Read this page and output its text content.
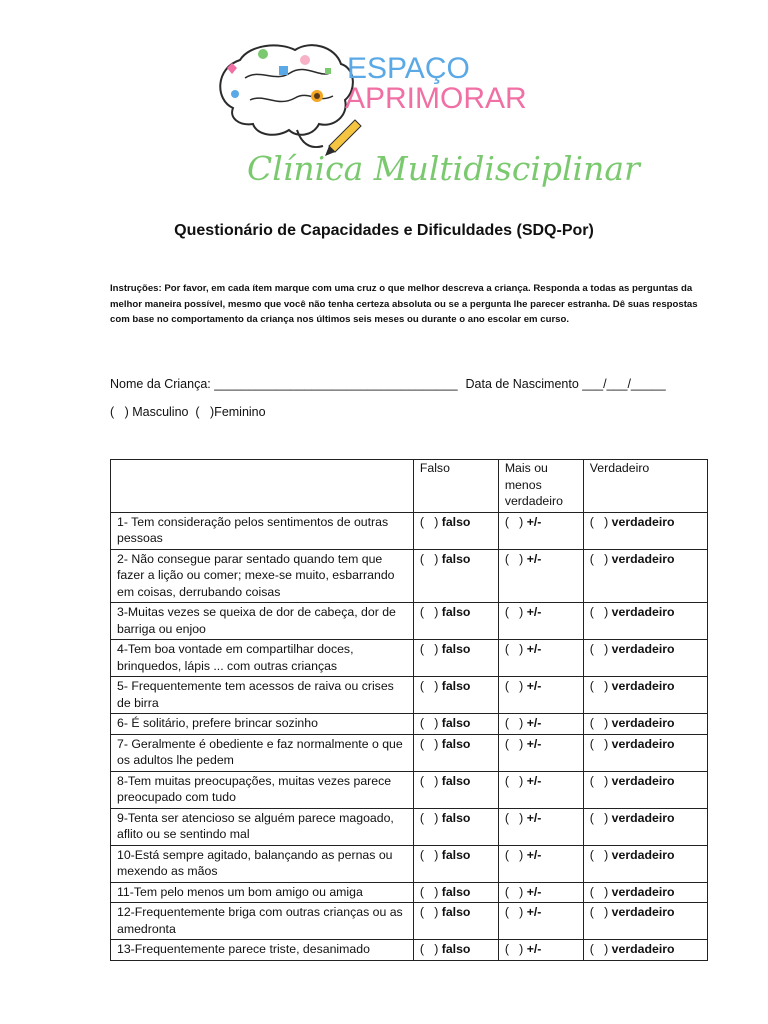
ESPAÇO
APRIMORAR
Clínica Multidisciplinar
Questionário de Capacidades e Dificuldades (SDQ-Por)
Instruções: Por favor, em cada ítem marque com uma cruz o que melhor descreva a criança. Responda a todas as perguntas da melhor maneira possível, mesmo que você não tenha certeza absoluta ou se a pergunta lhe parecer estranha. Dê suas respostas com base no comportamento da criança nos últimos seis meses ou durante o ano escolar em curso.
Nome da Criança: ___________________________________ Data de Nascimento ___/___/_____
(   ) Masculino  (   )Feminino
	Falso	Mais ou menos verdadeiro	Verdadeiro
1- Tem consideração pelos sentimentos de outras pessoas	(   ) falso	(   ) +/-	(   ) verdadeiro
2- Não consegue parar sentado quando tem que fazer a lição ou comer; mexe-se muito, esbarrando em coisas, derrubando coisas	(   ) falso	(   ) +/-	(   ) verdadeiro
3-Muitas vezes se queixa de dor de cabeça, dor de barriga ou enjoo	(   ) falso	(   ) +/-	(   ) verdadeiro
4-Tem boa vontade em compartilhar doces, brinquedos, lápis ... com outras crianças	(   ) falso	(   ) +/-	(   ) verdadeiro
5- Frequentemente tem acessos de raiva ou crises de birra	(   ) falso	(   ) +/-	(   ) verdadeiro
6- É solitário, prefere brincar sozinho	(   ) falso	(   ) +/-	(   ) verdadeiro
7- Geralmente é obediente e faz normalmente o que os adultos lhe pedem	(   ) falso	(   ) +/-	(   ) verdadeiro
8-Tem muitas preocupações, muitas vezes parece preocupado com tudo	(   ) falso	(   ) +/-	(   ) verdadeiro
9-Tenta ser atencioso se alguém parece magoado, aflito ou se sentindo mal	(   ) falso	(   ) +/-	(   ) verdadeiro
10-Está sempre agitado, balançando as pernas ou mexendo as mãos	(   ) falso	(   ) +/-	(   ) verdadeiro
11-Tem pelo menos um bom amigo ou amiga	(   ) falso	(   ) +/-	(   ) verdadeiro
12-Frequentemente briga com outras crianças ou as amedronta	(   ) falso	(   ) +/-	(   ) verdadeiro
13-Frequentemente parece triste, desanimado	(   ) falso	(   ) +/-	(   ) verdadeiro
